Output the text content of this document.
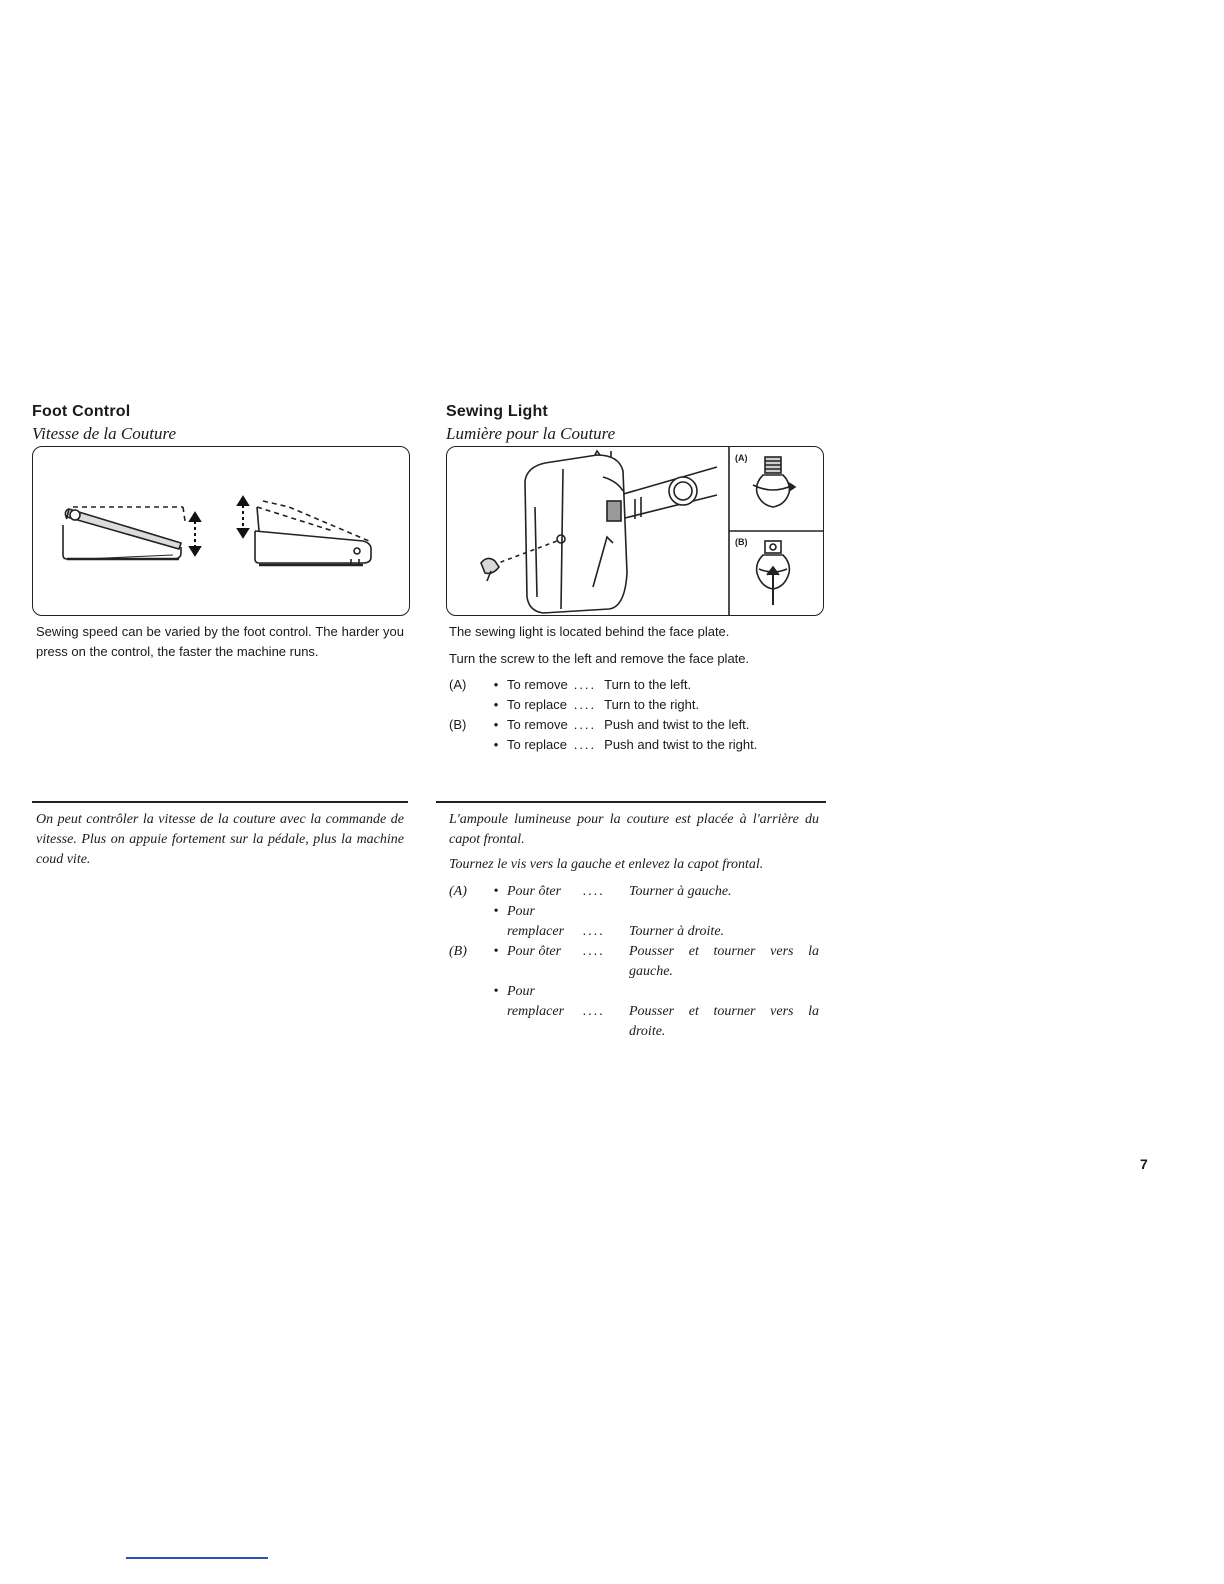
Foot Control
Vitesse de la Couture
Sewing speed can be varied by the foot control. The harder you press on the control, the faster the machine runs.
Sewing Light
Lumière pour la Couture
(A)
(B)
The sewing light is located behind the face plate.
Turn the screw to the left and remove the face plate.
(A)	•	To remove	....	Turn to the left.
	•	To replace	....	Turn to the right.
(B)	•	To remove	....	Push and twist to the left.
	•	To replace	....	Push and twist to the right.
On peut contrôler la vitesse de la couture avec la commande de vitesse. Plus on appuie fortement sur la pédale, plus la machine coud vite.
L'ampoule lumineuse pour la couture est placée à l'arrière du capot frontal.
Tournez le vis vers la gauche et enlevez la capot frontal.
(A)	• Pour ôter	....	Tourner à gauche.
• Pour
remplacer	....	Tourner à droite.
(B)	• Pour ôter	....	Pousser et tourner vers la
gauche.
• Pour
remplacer	....	Pousser et tourner vers la
droite.
7
